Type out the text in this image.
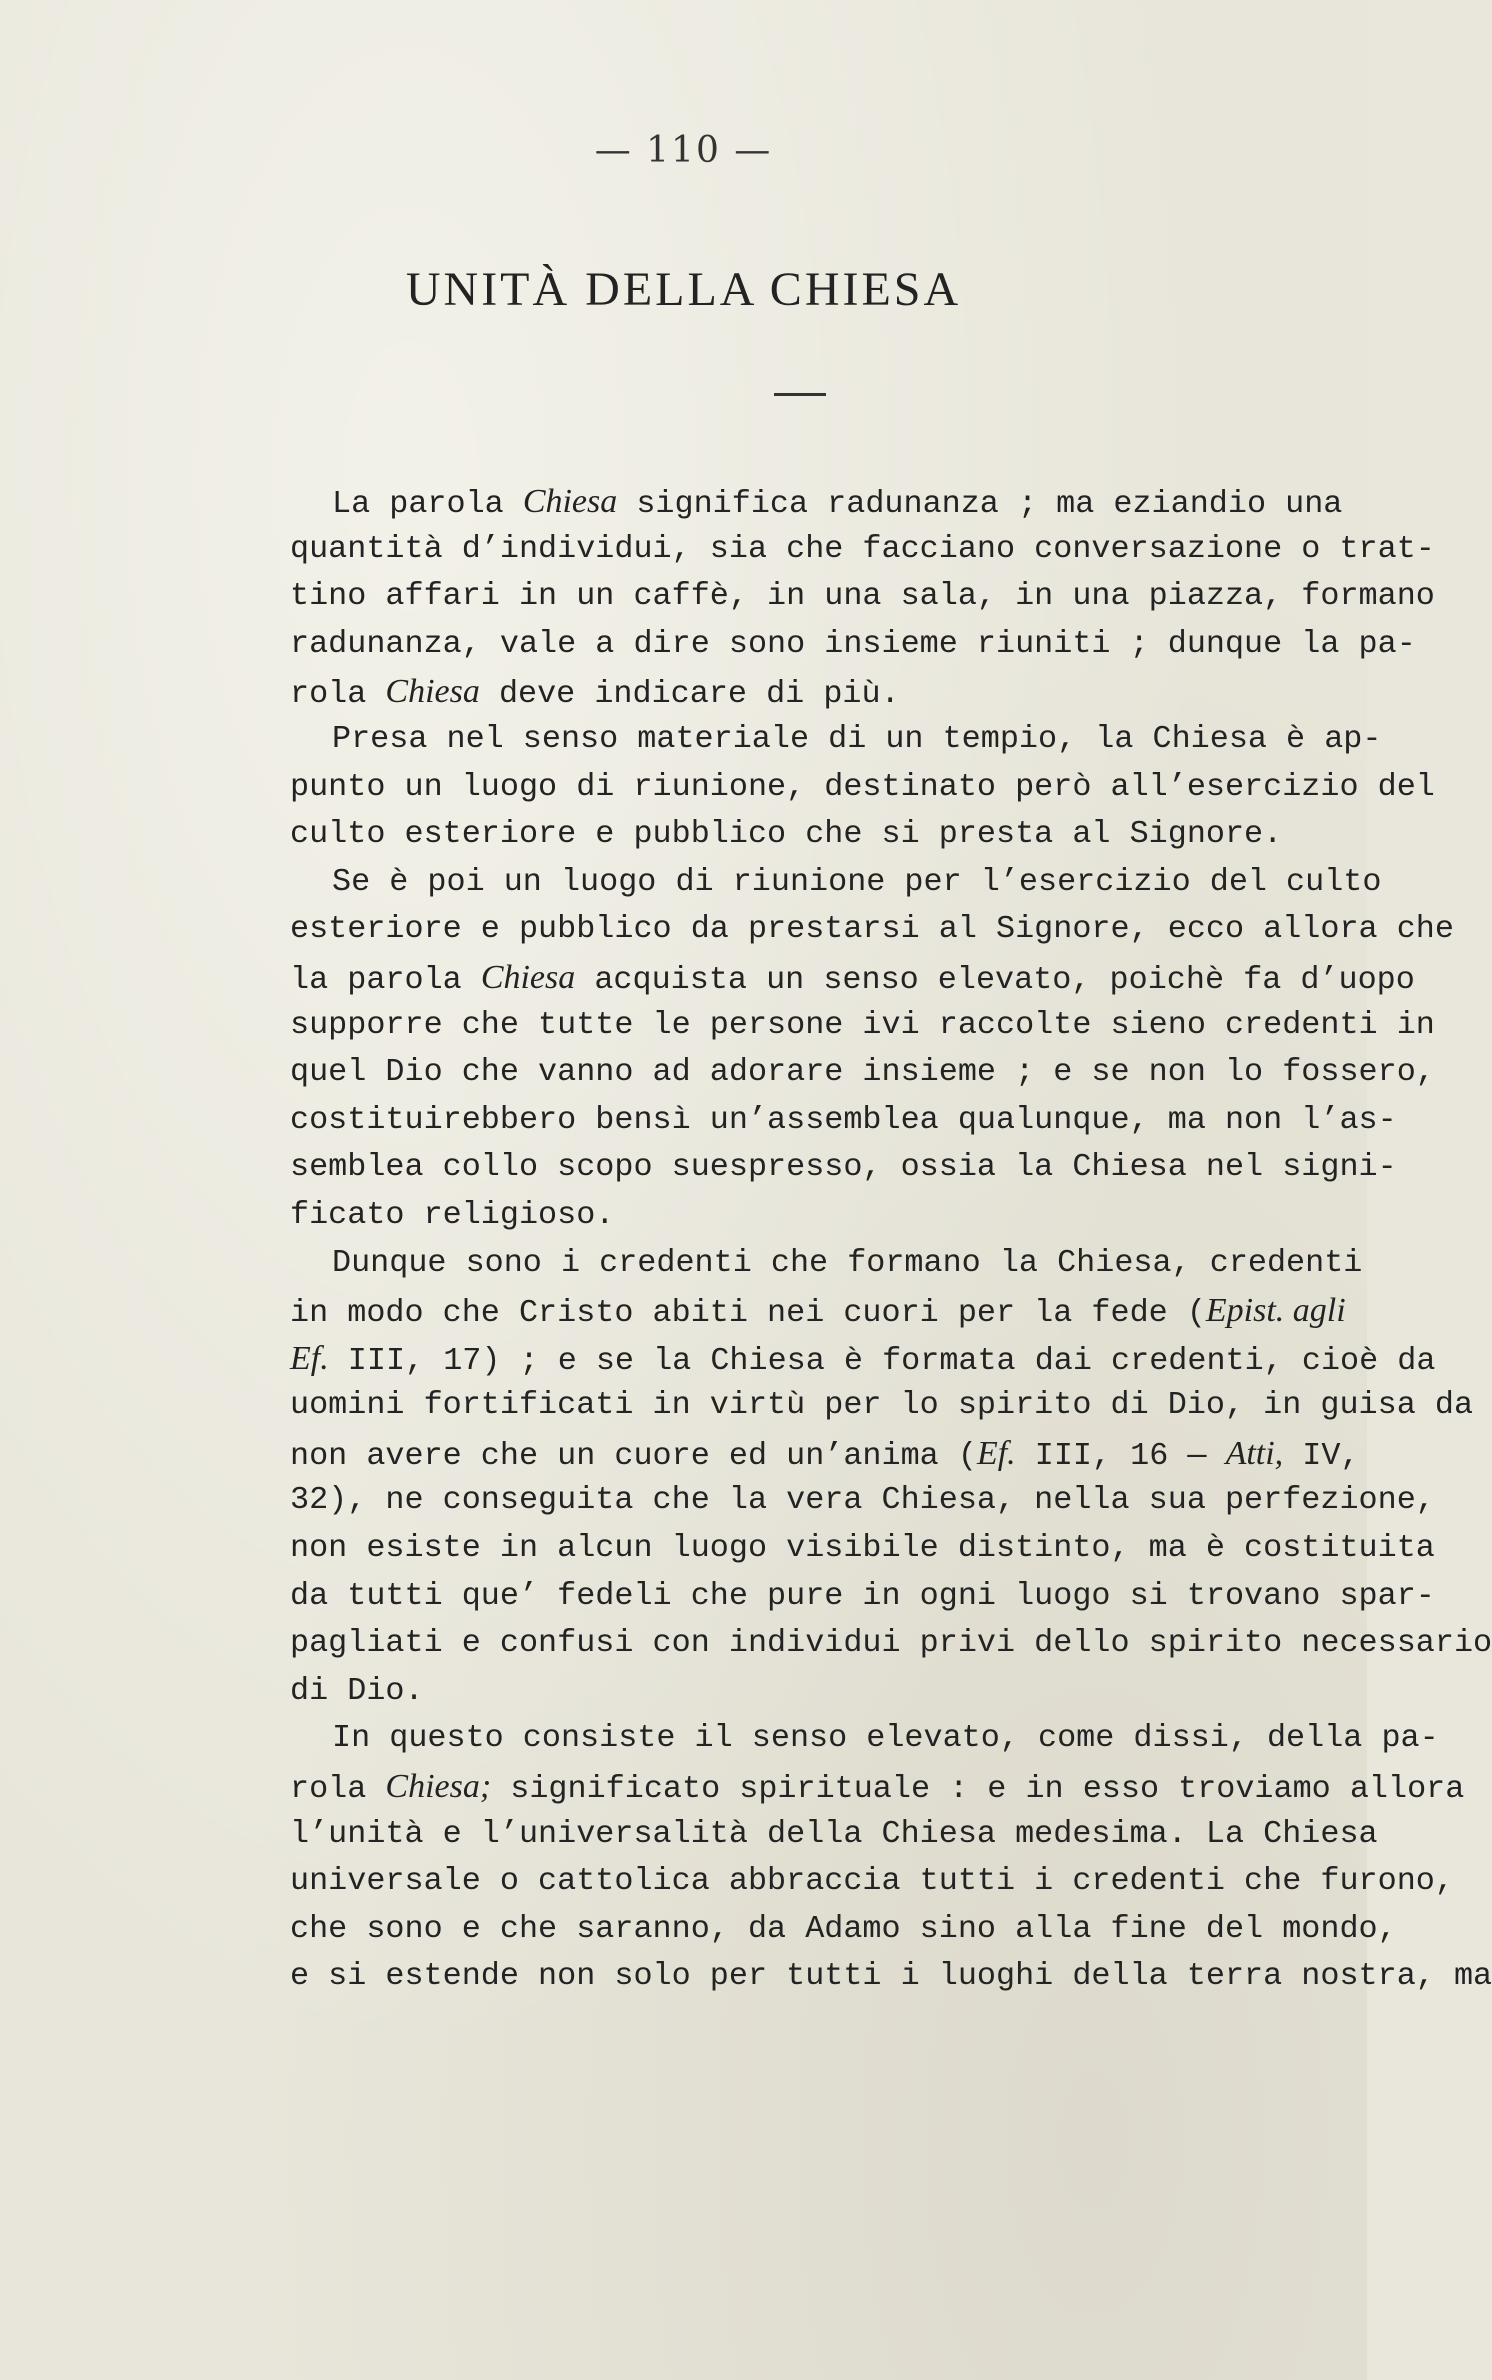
— 110 —
UNITÀ DELLA CHIESA
La parola Chiesa significa radunanza ; ma eziandio una
quantità d’individui, sia che facciano conversazione o trat-
tino affari in un caffè, in una sala, in una piazza, formano
radunanza, vale a dire sono insieme riuniti ; dunque la pa-
rola Chiesa deve indicare di più.
Presa nel senso materiale di un tempio, la Chiesa è ap-
punto un luogo di riunione, destinato però all’esercizio del
culto esteriore e pubblico che si presta al Signore.
Se è poi un luogo di riunione per l’esercizio del culto
esteriore e pubblico da prestarsi al Signore, ecco allora che
la parola Chiesa acquista un senso elevato, poichè fa d’uopo
supporre che tutte le persone ivi raccolte sieno credenti in
quel Dio che vanno ad adorare insieme ; e se non lo fossero,
costituirebbero bensì un’assemblea qualunque, ma non l’as-
semblea collo scopo suespresso, ossia la Chiesa nel signi-
ficato religioso.
Dunque sono i credenti che formano la Chiesa, credenti
in modo che Cristo abiti nei cuori per la fede (Epist. agli
Ef. III, 17) ; e se la Chiesa è formata dai credenti, cioè da
uomini fortificati in virtù per lo spirito di Dio, in guisa da
non avere che un cuore ed un’anima (Ef. III, 16 — Atti, IV,
32), ne conseguita che la vera Chiesa, nella sua perfezione,
non esiste in alcun luogo visibile distinto, ma è costituita
da tutti que’ fedeli che pure in ogni luogo si trovano spar-
pagliati e confusi con individui privi dello spirito necessario
di Dio.
In questo consiste il senso elevato, come dissi, della pa-
rola Chiesa; significato spirituale : e in esso troviamo allora
l’unità e l’universalità della Chiesa medesima. La Chiesa
universale o cattolica abbraccia tutti i credenti che furono,
che sono e che saranno, da Adamo sino alla fine del mondo,
e si estende non solo per tutti i luoghi della terra nostra, ma
